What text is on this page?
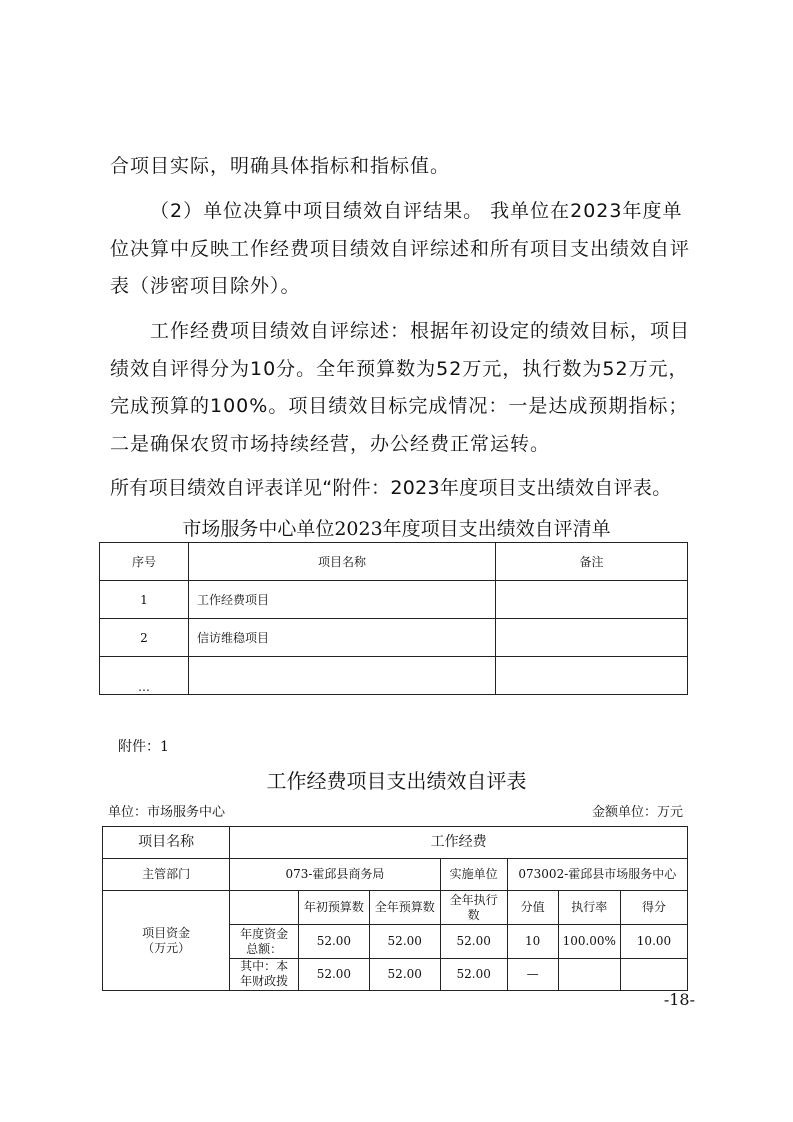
合项目实际，明确具体指标和指标值。

（2）单位决算中项目绩效自评结果。 我单位在2023年度单位决算中反映工作经费项目绩效自评综述和所有项目支出绩效自评表（涉密项目除外）。

工作经费项目绩效自评综述：根据年初设定的绩效目标，项目绩效自评得分为10分。全年预算数为52万元，执行数为52万元，完成预算的100%。项目绩效目标完成情况：一是达成预期指标；二是确保农贸市场持续经营，办公经费正常运转。

所有项目绩效自评表详见“附件：2023年度项目支出绩效自评表。

市场服务中心单位2023年度项目支出绩效自评清单

序号	项目名称	备注
1	工作经费项目	
2	信访维稳项目	
…		
附件：1

工作经费项目支出绩效自评表

单位：市场服务中心	金额单位：万元
项目名称	工作经费						
主管部门	073-霍邱县商务局			实施单位	073002-霍邱县市场服务中心		
项目资金（万元）		年初预算数	全年预算数	全年执行数	分值	执行率	得分
	年度资金总额：	52.00	52.00	52.00	10	100.00%	10.00
	其中：本年财政拨	52.00	52.00	52.00	—		
-18-
